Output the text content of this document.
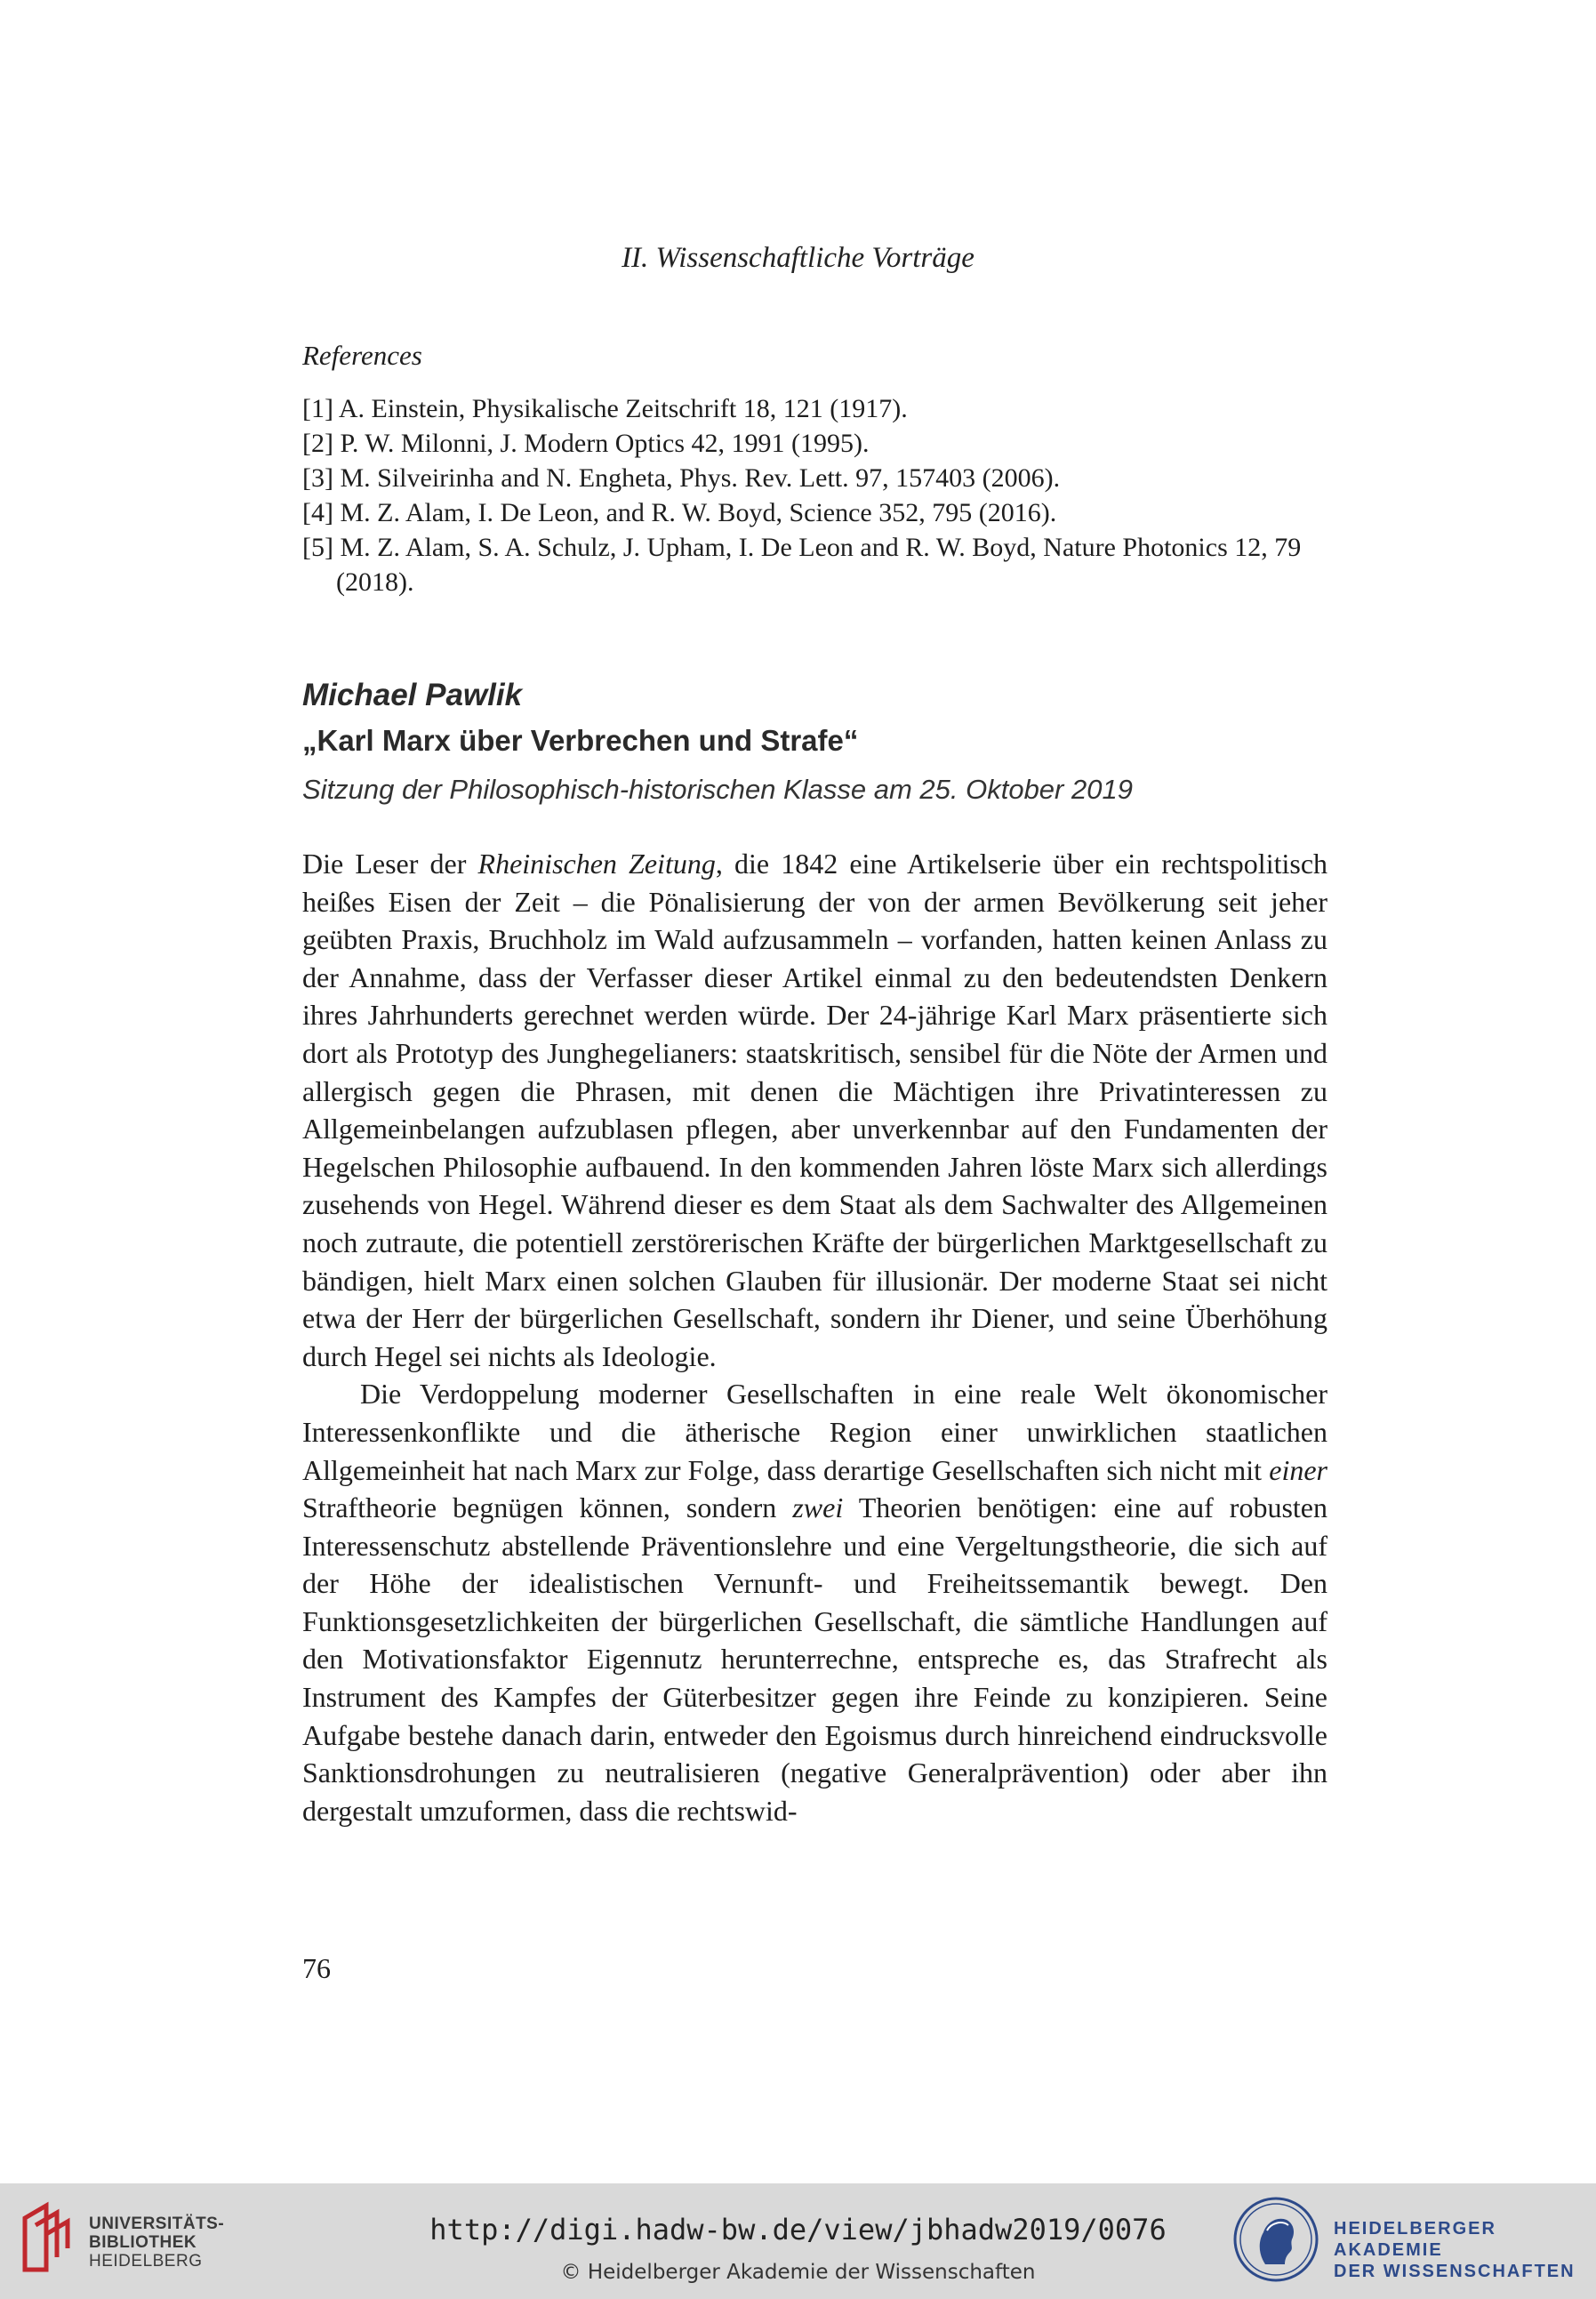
II. Wissenschaftliche Vorträge
References
[1] A. Einstein, Physikalische Zeitschrift 18, 121 (1917).
[2] P. W. Milonni, J. Modern Optics 42, 1991 (1995).
[3] M. Silveirinha and N. Engheta, Phys. Rev. Lett. 97, 157403 (2006).
[4] M. Z. Alam, I. De Leon, and R. W. Boyd, Science 352, 795 (2016).
[5] M. Z. Alam, S. A. Schulz, J. Upham, I. De Leon and R. W. Boyd, Nature Photonics 12, 79 (2018).
Michael Pawlik
„Karl Marx über Verbrechen und Strafe“
Sitzung der Philosophisch-historischen Klasse am 25. Oktober 2019

Die Leser der Rheinischen Zeitung, die 1842 eine Artikelserie über ein rechtspolitisch heißes Eisen der Zeit – die Pönalisierung der von der armen Bevölkerung seit jeher geübten Praxis, Bruchholz im Wald aufzusammeln – vorfanden, hatten keinen Anlass zu der Annahme, dass der Verfasser dieser Artikel einmal zu den bedeutendsten Denkern ihres Jahrhunderts gerechnet werden würde. Der 24-jährige Karl Marx präsentierte sich dort als Prototyp des Junghegelianers: staatskritisch, sensibel für die Nöte der Armen und allergisch gegen die Phrasen, mit denen die Mächtigen ihre Privatinteressen zu Allgemeinbelangen aufzublasen pflegen, aber unverkennbar auf den Fundamenten der Hegelschen Philosophie aufbauend. In den kommenden Jahren löste Marx sich allerdings zusehends von Hegel. Während dieser es dem Staat als dem Sachwalter des Allgemeinen noch zutraute, die potentiell zerstörerischen Kräfte der bürgerlichen Marktgesellschaft zu bändigen, hielt Marx einen solchen Glauben für illusionär. Der moderne Staat sei nicht etwa der Herr der bürgerlichen Gesellschaft, sondern ihr Diener, und seine Überhöhung durch Hegel sei nichts als Ideologie.

Die Verdoppelung moderner Gesellschaften in eine reale Welt ökonomischer Interessenkonflikte und die ätherische Region einer unwirklichen staatlichen Allgemeinheit hat nach Marx zur Folge, dass derartige Gesellschaften sich nicht mit einer Straftheorie begnügen können, sondern zwei Theorien benötigen: eine auf robusten Interessenschutz abstellende Präventionslehre und eine Vergeltungstheorie, die sich auf der Höhe der idealistischen Vernunft- und Freiheitssemantik bewegt. Den Funktionsgesetzlichkeiten der bürgerlichen Gesellschaft, die sämtliche Handlungen auf den Motivationsfaktor Eigennutz herunterrechne, entspreche es, das Strafrecht als Instrument des Kampfes der Güterbesitzer gegen ihre Feinde zu konzipieren. Seine Aufgabe bestehe danach darin, entweder den Egoismus durch hinreichend eindrucksvolle Sanktionsdrohungen zu neutralisieren (negative Generalprävention) oder aber ihn dergestalt umzuformen, dass die rechtswid-

76
UNIVERSITÄTS-
BIBLIOTHEK
HEIDELBERG
http://digi.hadw-bw.de/view/jbhadw2019/0076
© Heidelberger Akademie der Wissenschaften
HEIDELBERGER AKADEMIE
DER WISSENSCHAFTEN
